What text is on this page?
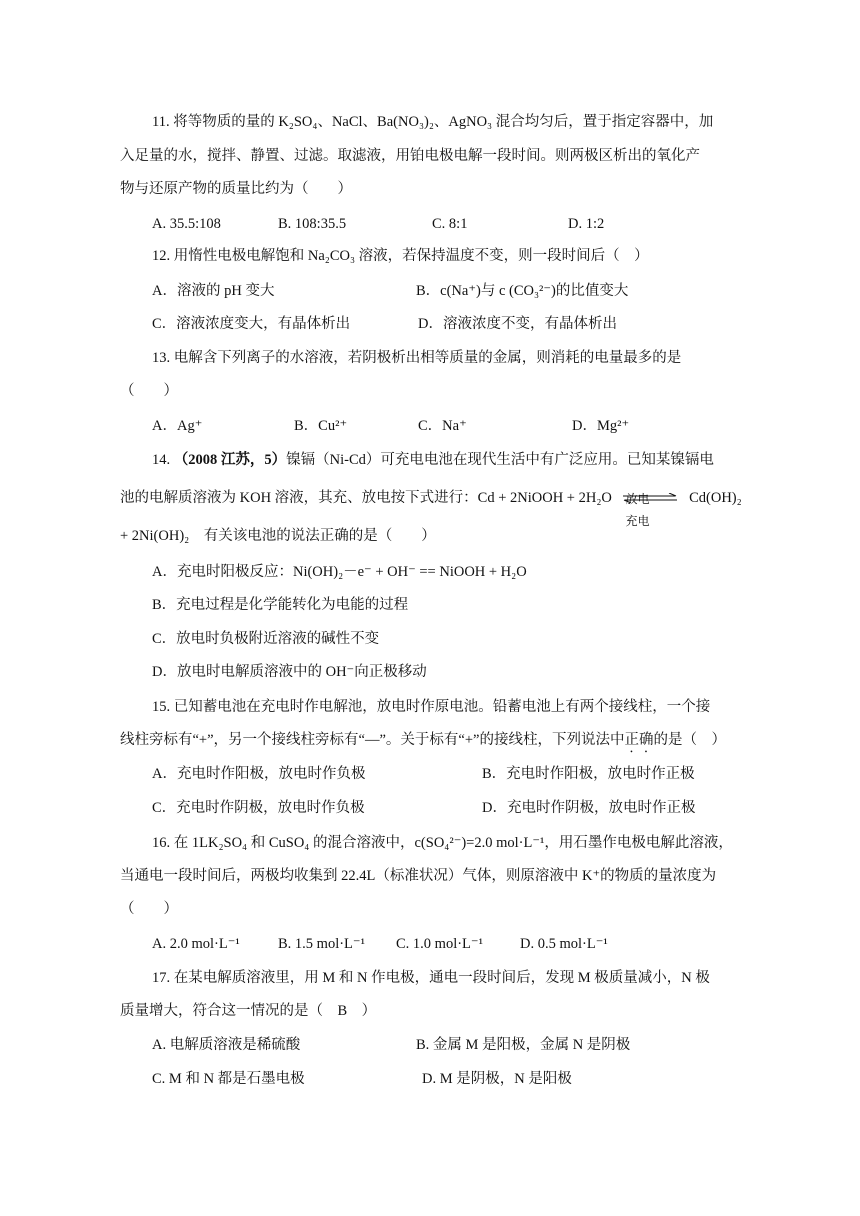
11. 将等物质的量的 K₂SO₄、NaCl、Ba(NO₃)₂、AgNO₃ 混合均匀后，置于指定容器中，加
入足量的水，搅拌、静置、过滤。取滤液，用铂电极电解一段时间。则两极区析出的氧化产
物与还原产物的质量比约为（　　）
A. 35.5:108	B. 108:35.5	C. 8:1	D. 1:2
12. 用惰性电极电解饱和 Na₂CO₃ 溶液，若保持温度不变，则一段时间后（　）
A．溶液的 pH 变大	B．c(Na⁺)与 c (CO₃²⁻)的比值变大
C．溶液浓度变大，有晶体析出	D．溶液浓度不变，有晶体析出
13. 电解含下列离子的水溶液，若阴极析出相等质量的金属，则消耗的电量最多的是
（　　）
A．Ag⁺	B．Cu²⁺	C．Na⁺	D．Mg²⁺
14. （2008 江苏，5）镍镉（Ni-Cd）可充电电池在现代生活中有广泛应用。已知某镍镉电
池的电解质溶液为 KOH 溶液，其充、放电按下式进行：Cd + 2NiOOH + 2H₂O 放电
充电
Cd(OH)₂
+ 2Ni(OH)₂　有关该电池的说法正确的是（　　）
A．充电时阳极反应：Ni(OH)₂－e⁻ + OH⁻ == NiOOH + H₂O
B．充电过程是化学能转化为电能的过程
C．放电时负极附近溶液的碱性不变
D．放电时电解质溶液中的 OH⁻向正极移动
15. 已知蓄电池在充电时作电解池，放电时作原电池。铅蓄电池上有两个接线柱，一个接
线柱旁标有“+”，另一个接线柱旁标有“—”。关于标有“+”的接线柱，下列说法中正确的是（　）
A．充电时作阳极，放电时作负极	B．充电时作阳极，放电时作正极
C．充电时作阴极，放电时作负极	D．充电时作阴极，放电时作正极
16. 在 1LK₂SO₄ 和 CuSO₄ 的混合溶液中，c(SO₄²⁻)=2.0 mol·L⁻¹，用石墨作电极电解此溶液，
当通电一段时间后，两极均收集到 22.4L（标准状况）气体，则原溶液中 K⁺的物质的量浓度为
（　　）
A. 2.0 mol·L⁻¹	B. 1.5 mol·L⁻¹ C. 1.0 mol·L⁻¹	D. 0.5 mol·L⁻¹
17. 在某电解质溶液里，用 M 和 N 作电极，通电一段时间后，发现 M 极质量减小，N 极
质量增大，符合这一情况的是（　B　）
A. 电解质溶液是稀硫酸	B. 金属 M 是阳极，金属 N 是阴极
C. M 和 N 都是石墨电极	D. M 是阴极，N 是阳极
